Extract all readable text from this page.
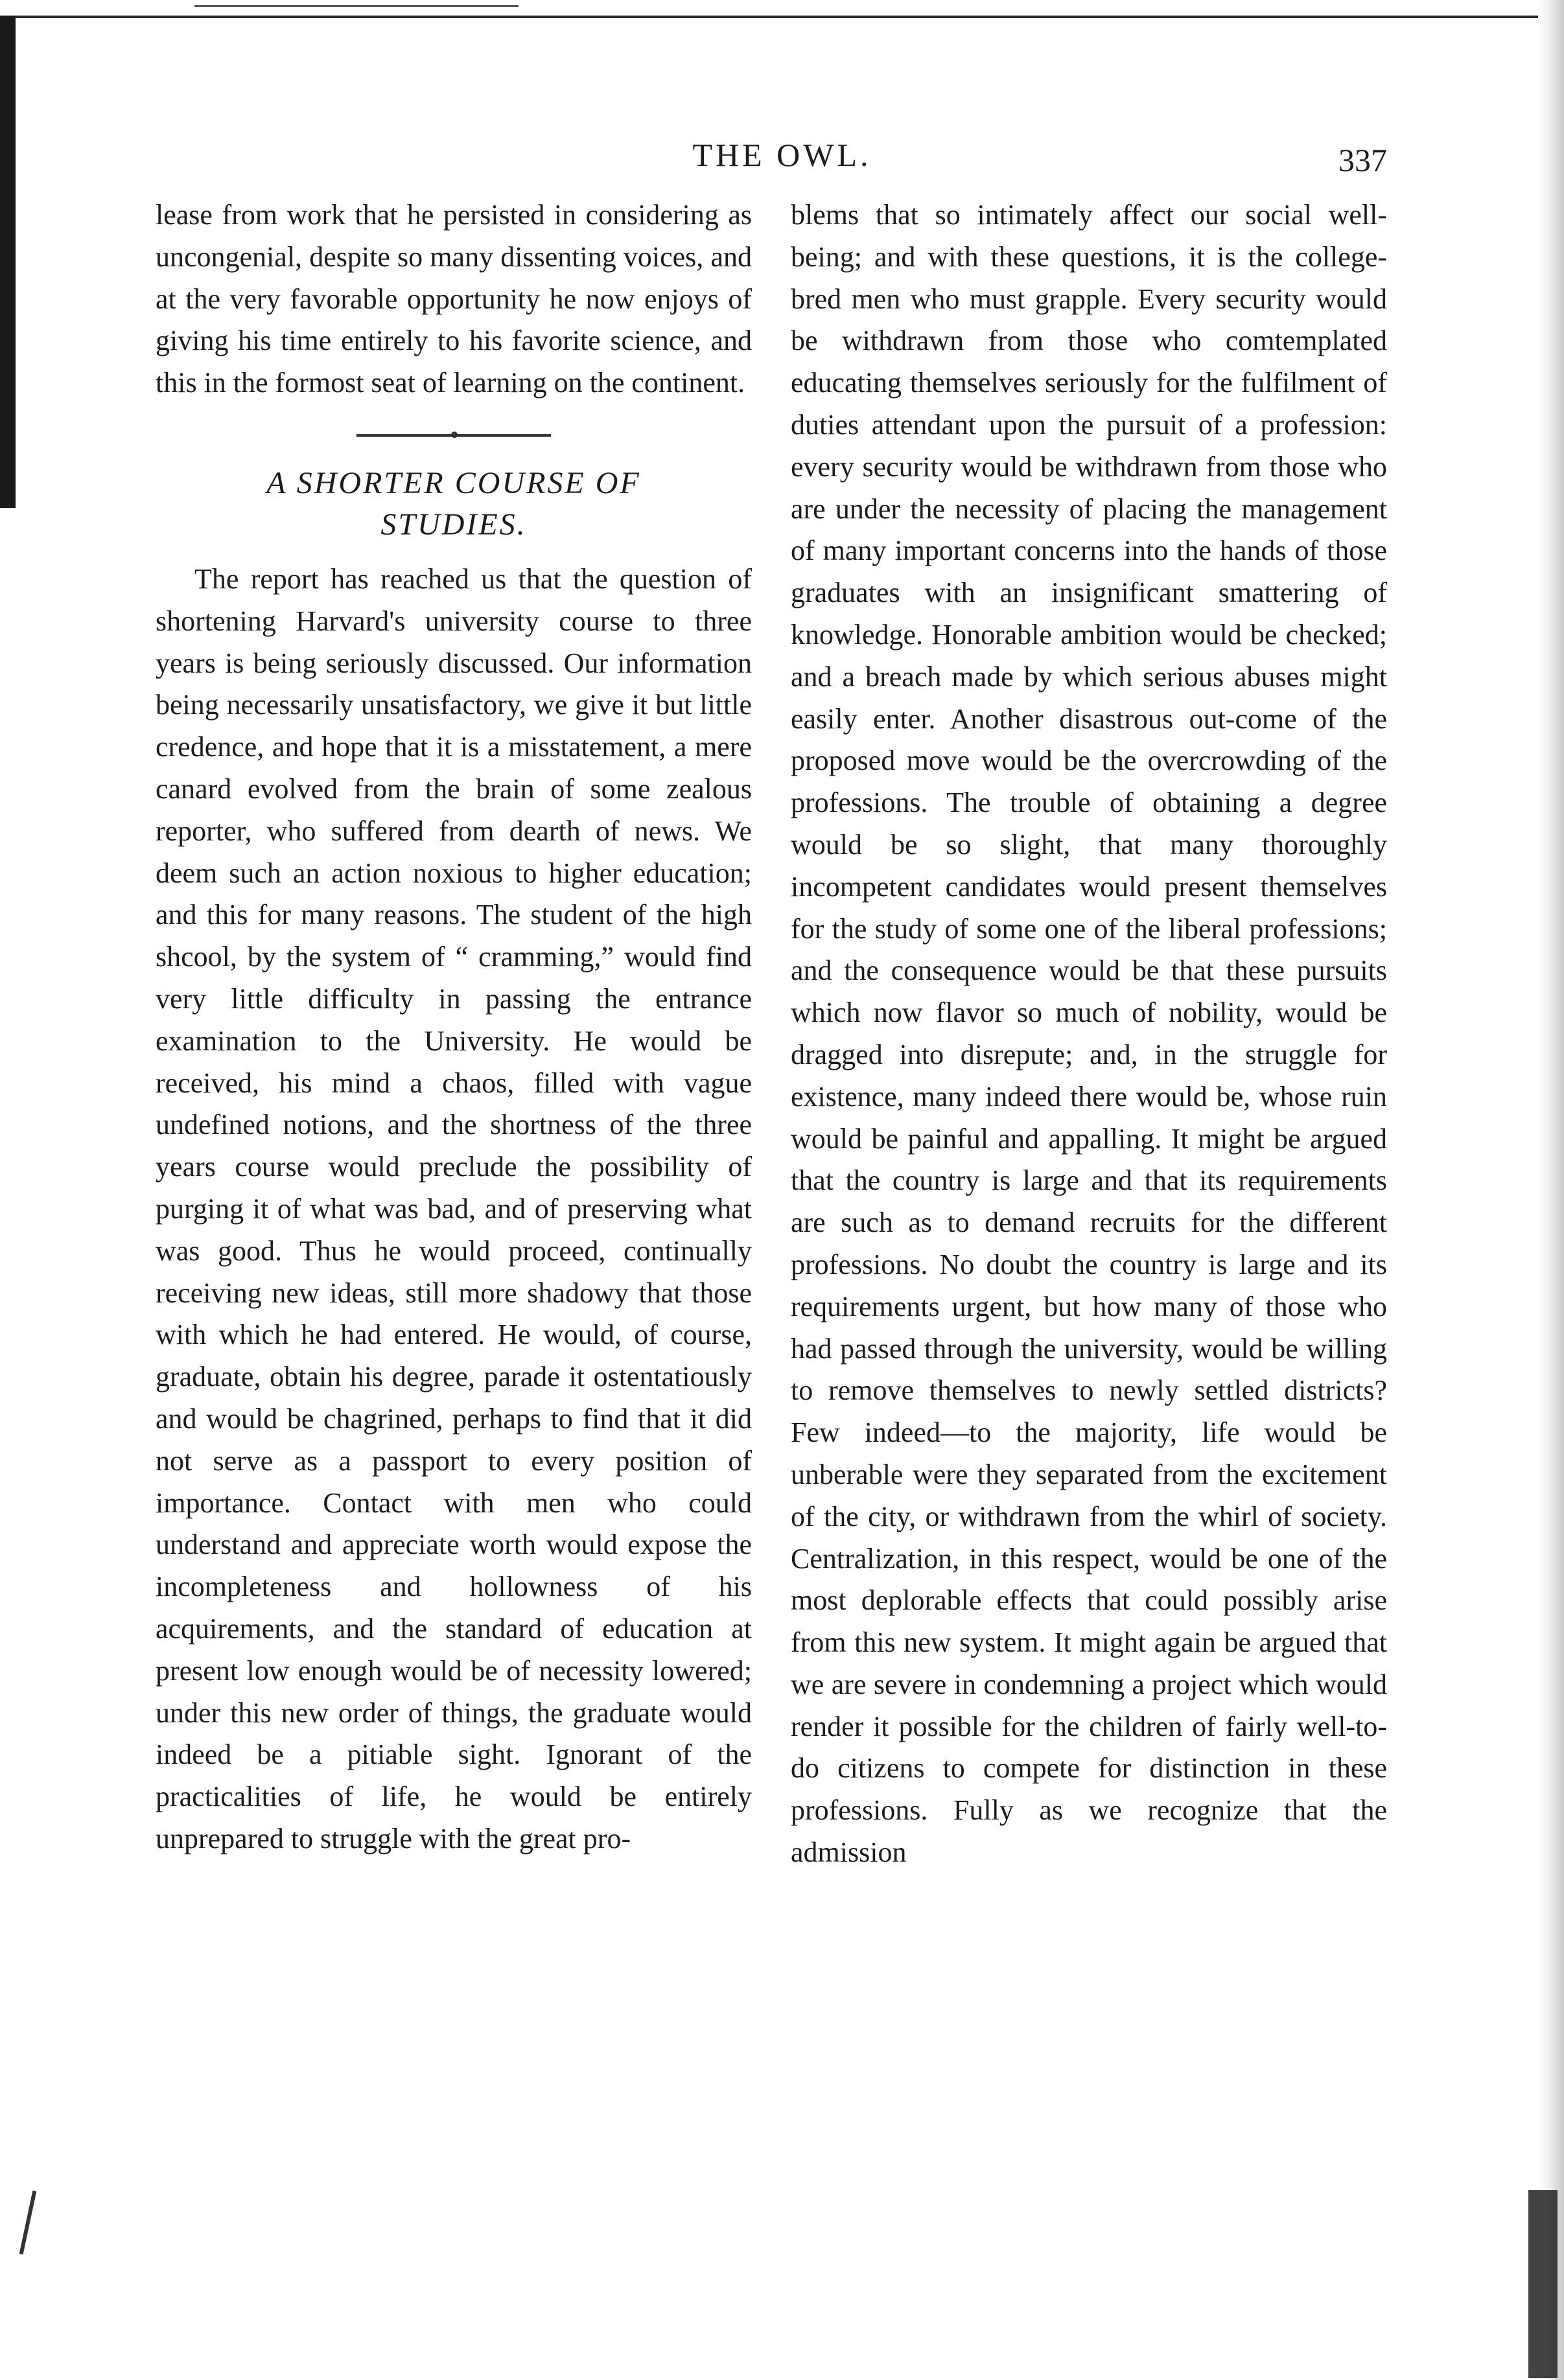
THE OWL.	337

lease from work that he persisted in considering as uncongenial, despite so many dissenting voices, and at the very favorable opportunity he now enjoys of giving his time entirely to his favorite science, and this in the formost seat of learning on the continent.

A SHORTER COURSE OF
STUDIES.

The report has reached us that the question of shortening Harvard's university course to three years is being seriously discussed. Our information being necessarily unsatisfactory, we give it but little credence, and hope that it is a misstatement, a mere canard evolved from the brain of some zealous reporter, who suffered from dearth of news. We deem such an action noxious to higher education; and this for many reasons. The student of the high shcool, by the system of “ cramming,” would find very little difficulty in passing the entrance examination to the University. He would be received, his mind a chaos, filled with vague undefined notions, and the shortness of the three years course would preclude the possibility of purging it of what was bad, and of preserving what was good. Thus he would proceed, continually receiving new ideas, still more shadowy that those with which he had entered. He would, of course, graduate, obtain his degree, parade it ostentatiously and would be chagrined, perhaps to find that it did not serve as a passport to every position of importance. Contact with men who could understand and appreciate worth would expose the incompleteness and hollowness of his acquirements, and the standard of education at present low enough would be of necessity lowered; under this new order of things, the graduate would indeed be a pitiable sight. Ignorant of the practicalities of life, he would be entirely unprepared to struggle with the great pro-

blems that so intimately affect our social well-being; and with these questions, it is the college-bred men who must grapple. Every security would be withdrawn from those who comtemplated educating themselves seriously for the fulfilment of duties attendant upon the pursuit of a profession: every security would be withdrawn from those who are under the necessity of placing the management of many important concerns into the hands of those graduates with an insignificant smattering of knowledge. Honorable ambition would be checked; and a breach made by which serious abuses might easily enter. Another disastrous out-come of the proposed move would be the overcrowding of the professions. The trouble of obtaining a degree would be so slight, that many thoroughly incompetent candidates would present themselves for the study of some one of the liberal professions; and the consequence would be that these pursuits which now flavor so much of nobility, would be dragged into disrepute; and, in the struggle for existence, many indeed there would be, whose ruin would be painful and appalling. It might be argued that the country is large and that its requirements are such as to demand recruits for the different professions. No doubt the country is large and its requirements urgent, but how many of those who had passed through the university, would be willing to remove themselves to newly settled districts? Few indeed—to the majority, life would be unberable were they separated from the excitement of the city, or withdrawn from the whirl of society. Centralization, in this respect, would be one of the most deplorable effects that could possibly arise from this new system. It might again be argued that we are severe in condemning a project which would render it possible for the children of fairly well-to-do citizens to compete for distinction in these professions. Fully as we recognize that the admission
